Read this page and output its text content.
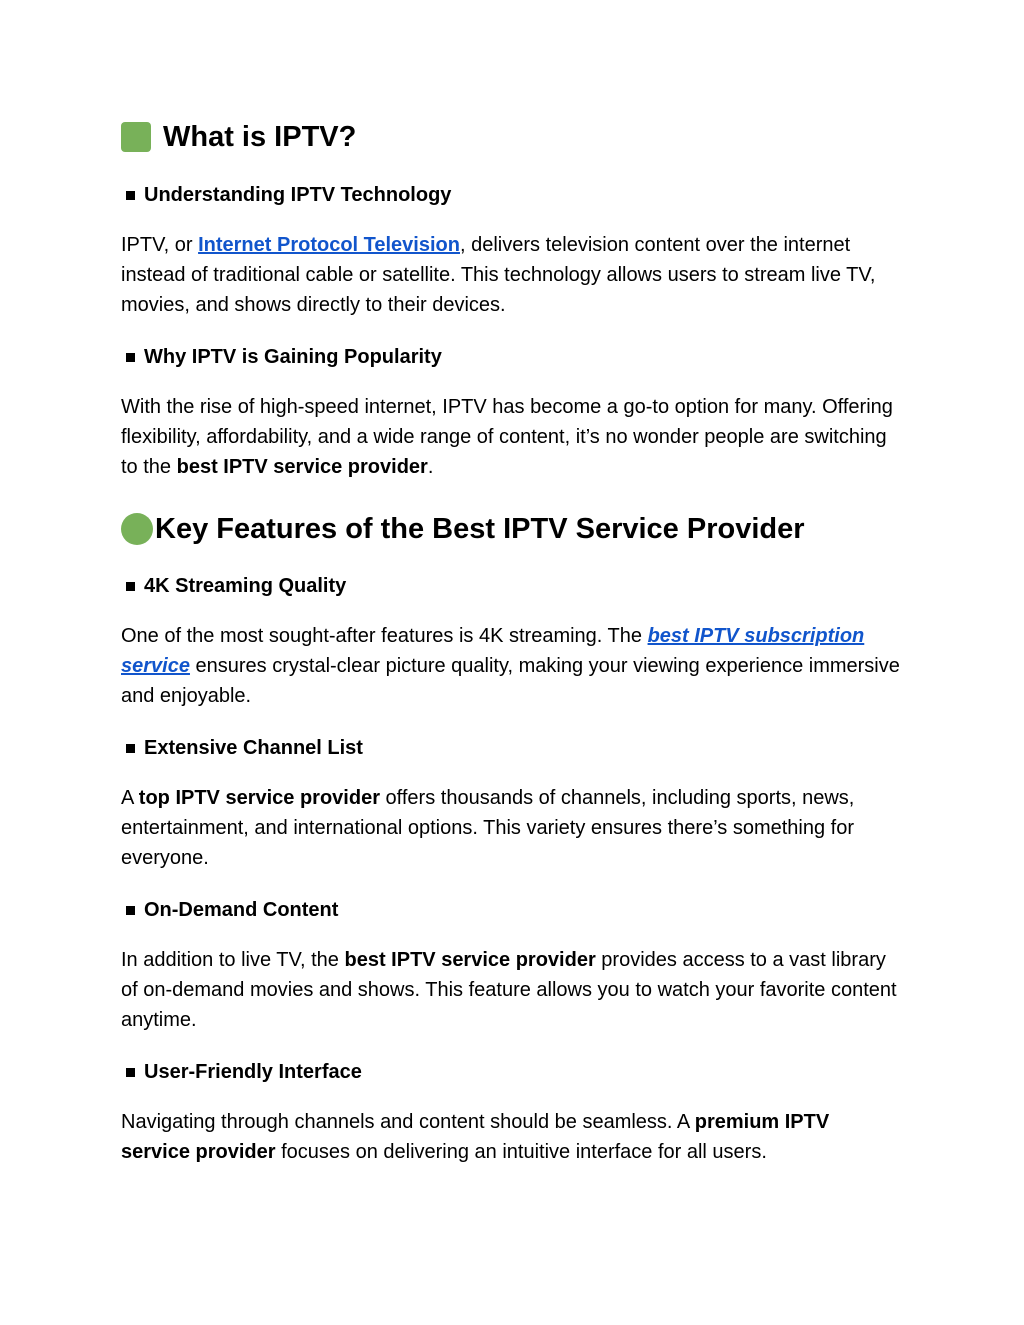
What is IPTV?
Understanding IPTV Technology

IPTV, or Internet Protocol Television, delivers television content over the internet instead of traditional cable or satellite. This technology allows users to stream live TV, movies, and shows directly to their devices.

Why IPTV is Gaining Popularity

With the rise of high-speed internet, IPTV has become a go-to option for many. Offering flexibility, affordability, and a wide range of content, it’s no wonder people are switching to the best IPTV service provider.

Key Features of the Best IPTV Service Provider
4K Streaming Quality

One of the most sought-after features is 4K streaming. The best IPTV subscription service ensures crystal-clear picture quality, making your viewing experience immersive and enjoyable.

Extensive Channel List

A top IPTV service provider offers thousands of channels, including sports, news, entertainment, and international options. This variety ensures there’s something for everyone.

On-Demand Content

In addition to live TV, the best IPTV service provider provides access to a vast library of on-demand movies and shows. This feature allows you to watch your favorite content anytime.

User-Friendly Interface

Navigating through channels and content should be seamless. A premium IPTV service provider focuses on delivering an intuitive interface for all users.
